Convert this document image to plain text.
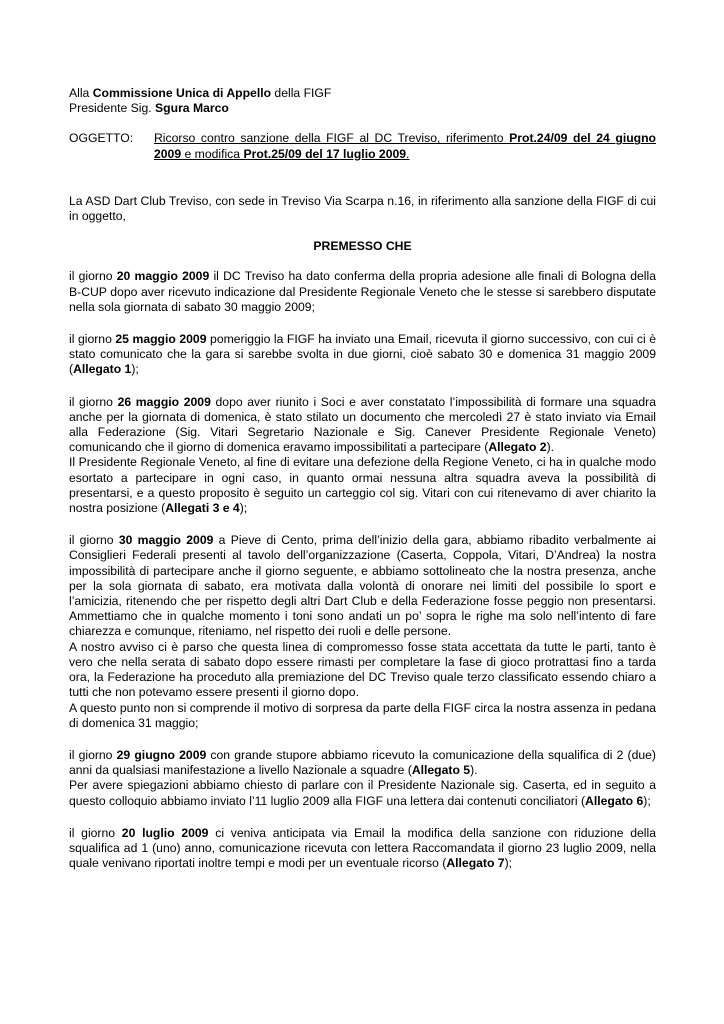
Alla Commissione Unica di Appello della FIGF
Presidente Sig. Sgura Marco
OGGETTO:	Ricorso contro sanzione della FIGF al DC Treviso, riferimento Prot.24/09 del 24 giugno 2009 e modifica Prot.25/09 del 17 luglio 2009.

La ASD Dart Club Treviso, con sede in Treviso Via Scarpa n.16, in riferimento alla sanzione della FIGF di cui in oggetto,

PREMESSO CHE

il giorno 20 maggio 2009 il DC Treviso ha dato conferma della propria adesione alle finali di Bologna della B-CUP dopo aver ricevuto indicazione dal Presidente Regionale Veneto che le stesse si sarebbero disputate nella sola giornata di sabato 30 maggio 2009;

il giorno 25 maggio 2009 pomeriggio la FIGF ha inviato una Email, ricevuta il giorno successivo, con cui ci è stato comunicato che la gara si sarebbe svolta in due giorni, cioè sabato 30 e domenica 31 maggio 2009 (Allegato 1);

il giorno 26 maggio 2009 dopo aver riunito i Soci e aver constatato l’impossibilità di formare una squadra anche per la giornata di domenica, è stato stilato un documento che mercoledì 27 è stato inviato via Email alla Federazione (Sig. Vitari Segretario Nazionale e Sig. Canever Presidente Regionale Veneto) comunicando che il giorno di domenica eravamo impossibilitati a partecipare (Allegato 2).

Il Presidente Regionale Veneto, al fine di evitare una defezione della Regione Veneto, ci ha in qualche modo esortato a partecipare in ogni caso, in quanto ormai nessuna altra squadra aveva la possibilità di presentarsi, e a questo proposito è seguito un carteggio col sig. Vitari con cui ritenevamo di aver chiarito la nostra posizione (Allegati 3 e 4);

il giorno 30 maggio 2009 a Pieve di Cento, prima dell’inizio della gara, abbiamo ribadito verbalmente ai Consiglieri Federali presenti al tavolo dell’organizzazione (Caserta, Coppola, Vitari, D’Andrea) la nostra impossibilità di partecipare anche il giorno seguente, e abbiamo sottolineato che la nostra presenza, anche per la sola giornata di sabato, era motivata dalla volontà di onorare nei limiti del possibile lo sport e l’amicizia, ritenendo che per rispetto degli altri Dart Club e della Federazione fosse peggio non presentarsi. Ammettiamo che in qualche momento i toni sono andati un po’ sopra le righe ma solo nell’intento di fare chiarezza e comunque, riteniamo, nel rispetto dei ruoli e delle persone.

A nostro avviso ci è parso che questa linea di compromesso fosse stata accettata da tutte le parti, tanto è vero che nella serata di sabato dopo essere rimasti per completare la fase di gioco protrattasi fino a tarda ora, la Federazione ha proceduto alla premiazione del DC Treviso quale terzo classificato essendo chiaro a tutti che non potevamo essere presenti il giorno dopo.

A questo punto non si comprende il motivo di sorpresa da parte della FIGF circa la nostra assenza in pedana di domenica 31 maggio;

il giorno 29 giugno 2009 con grande stupore abbiamo ricevuto la comunicazione della squalifica di 2 (due) anni da qualsiasi manifestazione a livello Nazionale a squadre (Allegato 5).

Per avere spiegazioni abbiamo chiesto di parlare con il Presidente Nazionale sig. Caserta, ed in seguito a questo colloquio abbiamo inviato l’11 luglio 2009 alla FIGF una lettera dai contenuti conciliatori (Allegato 6);

il giorno 20 luglio 2009 ci veniva anticipata via Email la modifica della sanzione con riduzione della squalifica ad 1 (uno) anno, comunicazione ricevuta con lettera Raccomandata il giorno 23 luglio 2009, nella quale venivano riportati inoltre tempi e modi per un eventuale ricorso (Allegato 7);
